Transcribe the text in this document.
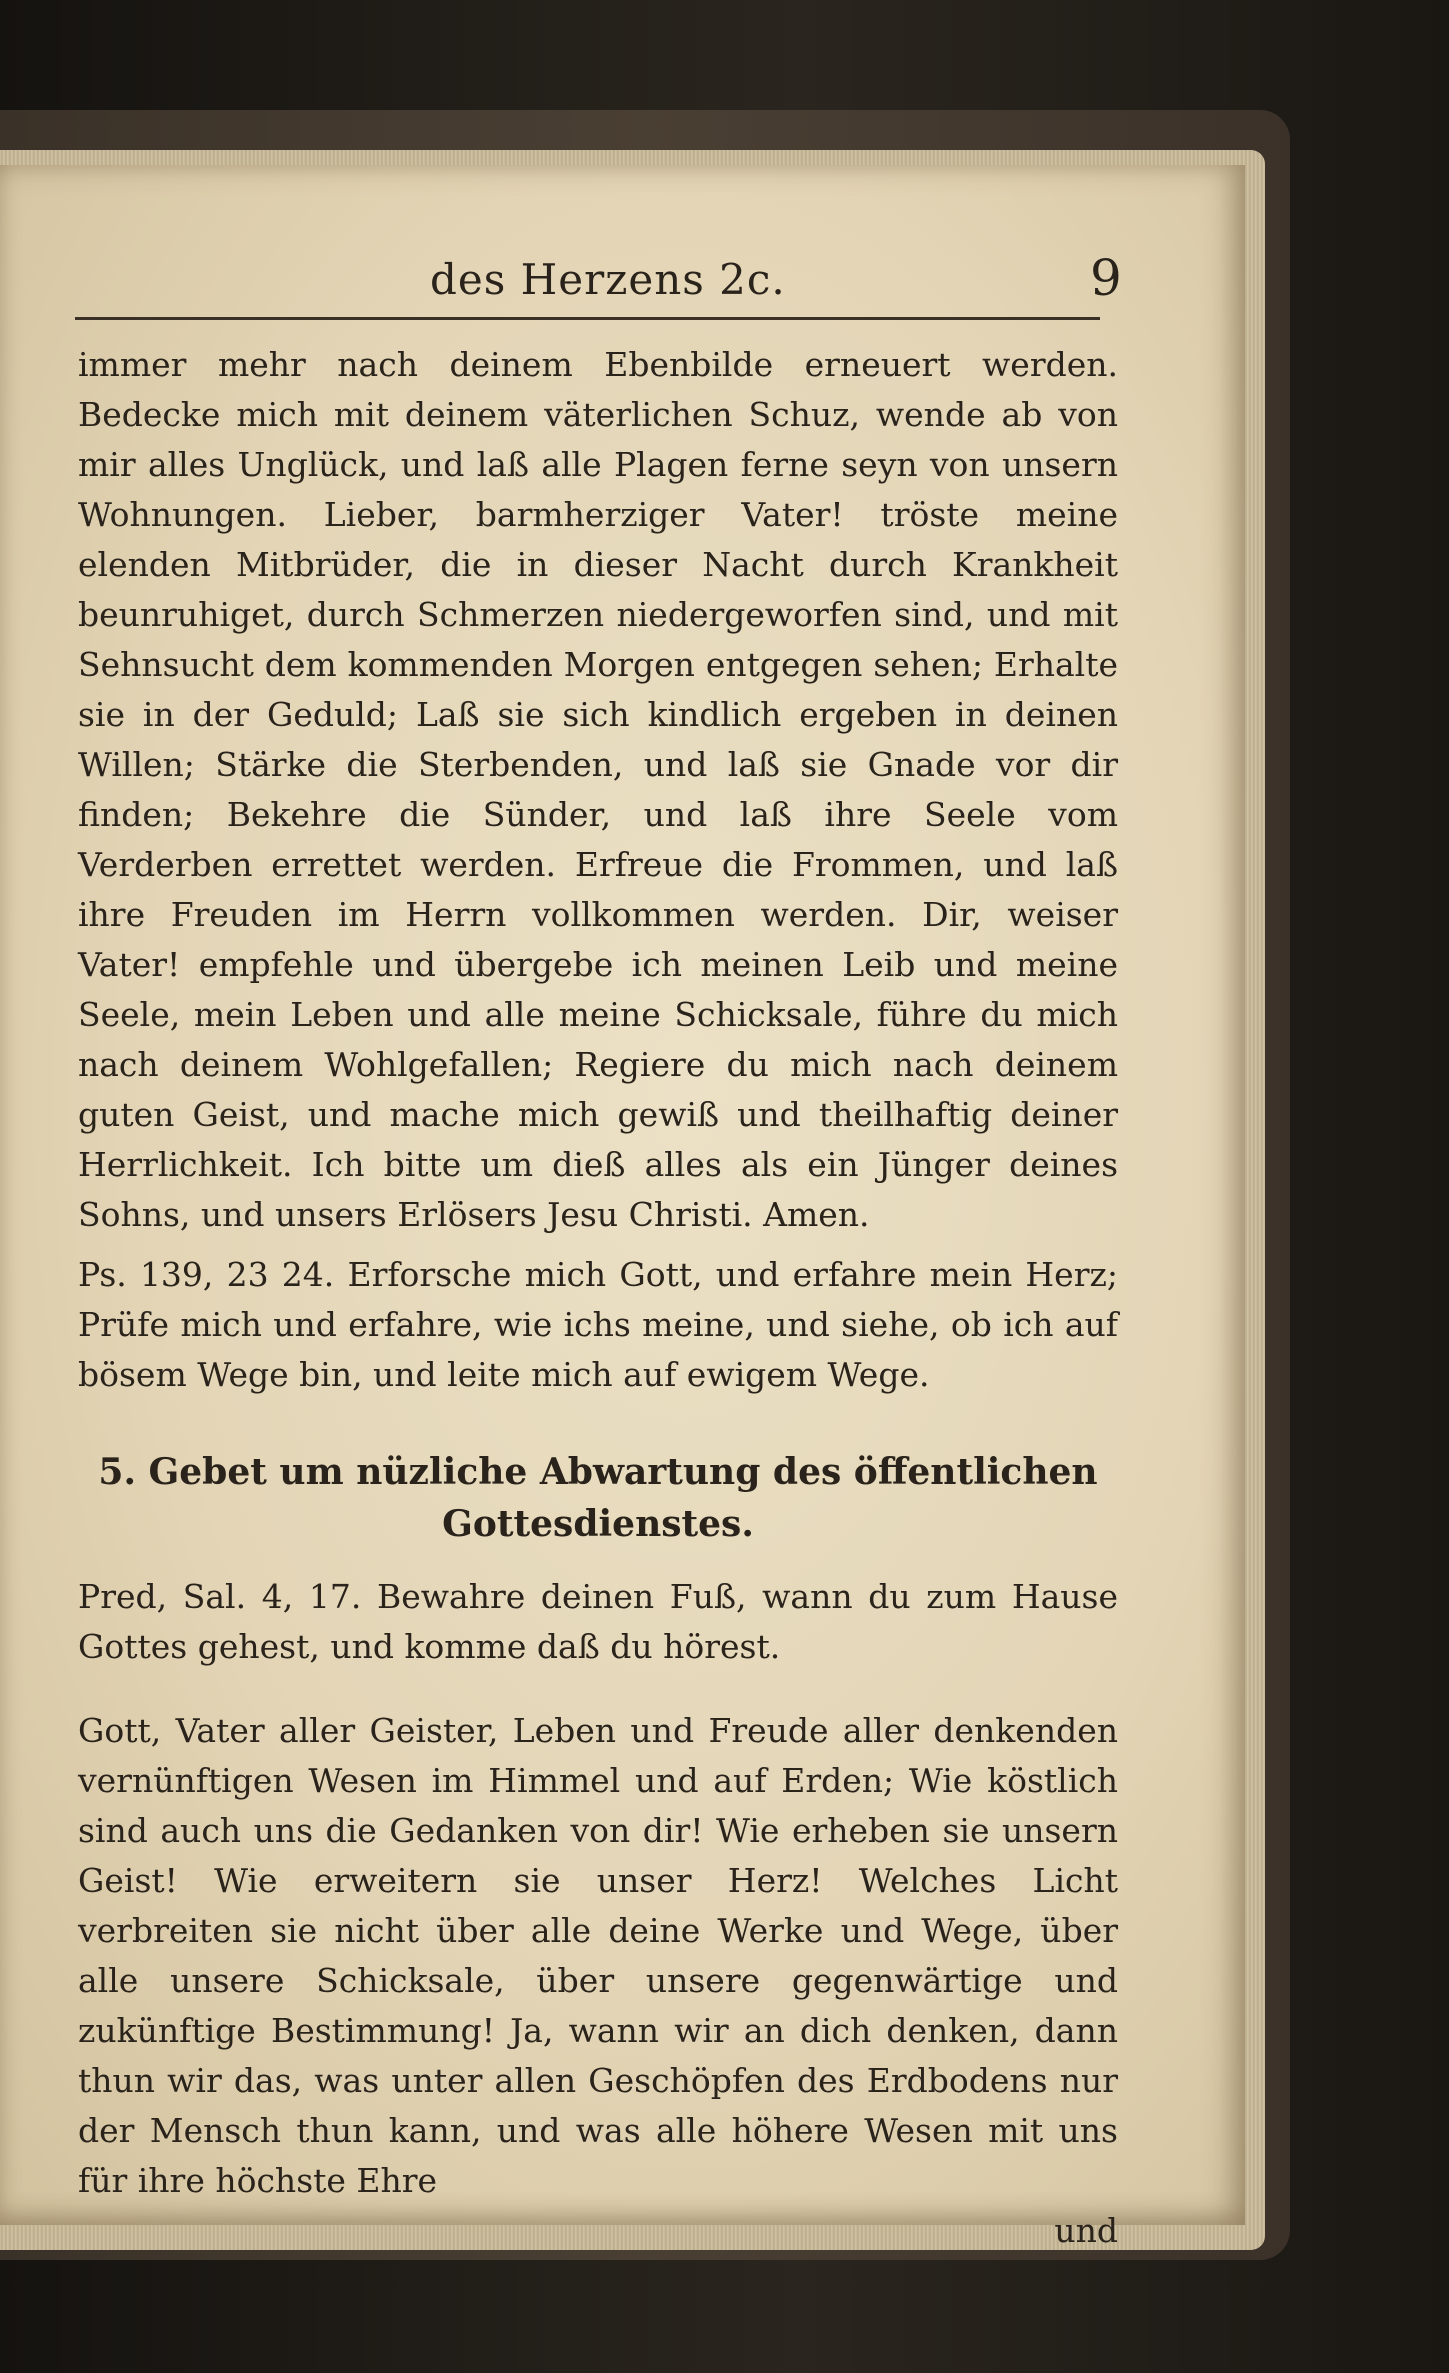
des Herzens 2c.	9

immer mehr nach deinem Ebenbilde erneuert werden. Bedecke mich mit deinem väterlichen Schuz, wende ab von mir alles Unglück, und laß alle Plagen ferne seyn von unsern Wohnungen. Lieber, barmherziger Vater! tröste meine elenden Mitbrüder, die in dieser Nacht durch Krankheit beunruhiget, durch Schmerzen niedergeworfen sind, und mit Sehnsucht dem kommenden Morgen entgegen sehen; Erhalte sie in der Geduld; Laß sie sich kindlich ergeben in deinen Willen; Stärke die Sterbenden, und laß sie Gnade vor dir finden; Bekehre die Sünder, und laß ihre Seele vom Verderben errettet werden. Erfreue die Frommen, und laß ihre Freuden im Herrn vollkommen werden. Dir, weiser Vater! empfehle und übergebe ich meinen Leib und meine Seele, mein Leben und alle meine Schicksale, führe du mich nach deinem Wohlgefallen; Regiere du mich nach deinem guten Geist, und mache mich gewiß und theilhaftig deiner Herrlichkeit. Ich bitte um dieß alles als ein Jünger deines Sohns, und unsers Erlösers Jesu Christi. Amen.

Ps. 139, 23 24. Erforsche mich Gott, und erfahre mein Herz; Prüfe mich und erfahre, wie ichs meine, und siehe, ob ich auf bösem Wege bin, und leite mich auf ewigem Wege.

5. Gebet um nüzliche Abwartung des öffentlichen Gottesdienstes.

Pred, Sal. 4, 17. Bewahre deinen Fuß, wann du zum Hause Gottes gehest, und komme daß du hörest.

Gott, Vater aller Geister, Leben und Freude aller denkenden vernünftigen Wesen im Himmel und auf Erden; Wie köstlich sind auch uns die Gedanken von dir! Wie erheben sie unsern Geist! Wie erweitern sie unser Herz! Welches Licht verbreiten sie nicht über alle deine Werke und Wege, über alle unsere Schicksale, über unsere gegenwärtige und zukünftige Bestimmung! Ja, wann wir an dich denken, dann thun wir das, was unter allen Geschöpfen des Erdbodens nur der Mensch thun kann, und was alle höhere Wesen mit uns für ihre höchste Ehre

und
